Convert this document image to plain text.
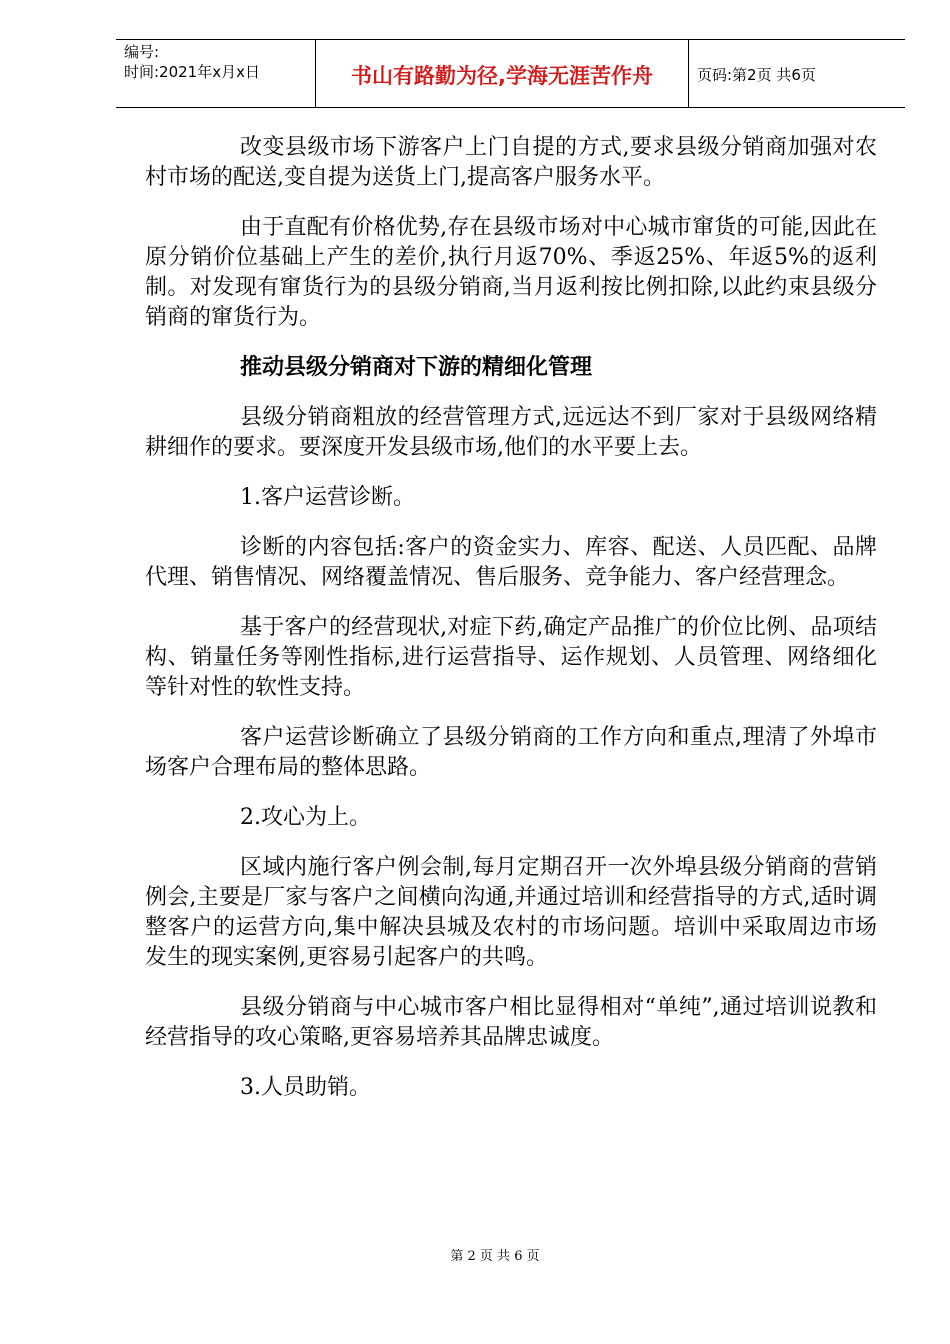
编号:
时间:2021年x月x日	书山有路勤为径,学海无涯苦作舟	页码:第2页 共6页

改变县级市场下游客户上门自提的方式,要求县级分销商加强对农村市场的配送,变自提为送货上门,提高客户服务水平。

由于直配有价格优势,存在县级市场对中心城市窜货的可能,因此在原分销价位基础上产生的差价,执行月返70%、季返25%、年返5%的返利制。对发现有窜货行为的县级分销商,当月返利按比例扣除,以此约束县级分销商的窜货行为。

推动县级分销商对下游的精细化管理

县级分销商粗放的经营管理方式,远远达不到厂家对于县级网络精耕细作的要求。要深度开发县级市场,他们的水平要上去。

1.客户运营诊断。

诊断的内容包括:客户的资金实力、库容、配送、人员匹配、品牌代理、销售情况、网络覆盖情况、售后服务、竞争能力、客户经营理念。

基于客户的经营现状,对症下药,确定产品推广的价位比例、品项结构、销量任务等刚性指标,进行运营指导、运作规划、人员管理、网络细化等针对性的软性支持。

客户运营诊断确立了县级分销商的工作方向和重点,理清了外埠市场客户合理布局的整体思路。

2.攻心为上。

区域内施行客户例会制,每月定期召开一次外埠县级分销商的营销例会,主要是厂家与客户之间横向沟通,并通过培训和经营指导的方式,适时调整客户的运营方向,集中解决县城及农村的市场问题。培训中采取周边市场发生的现实案例,更容易引起客户的共鸣。

县级分销商与中心城市客户相比显得相对“单纯”,通过培训说教和经营指导的攻心策略,更容易培养其品牌忠诚度。

3.人员助销。

第 2 页 共 6 页
